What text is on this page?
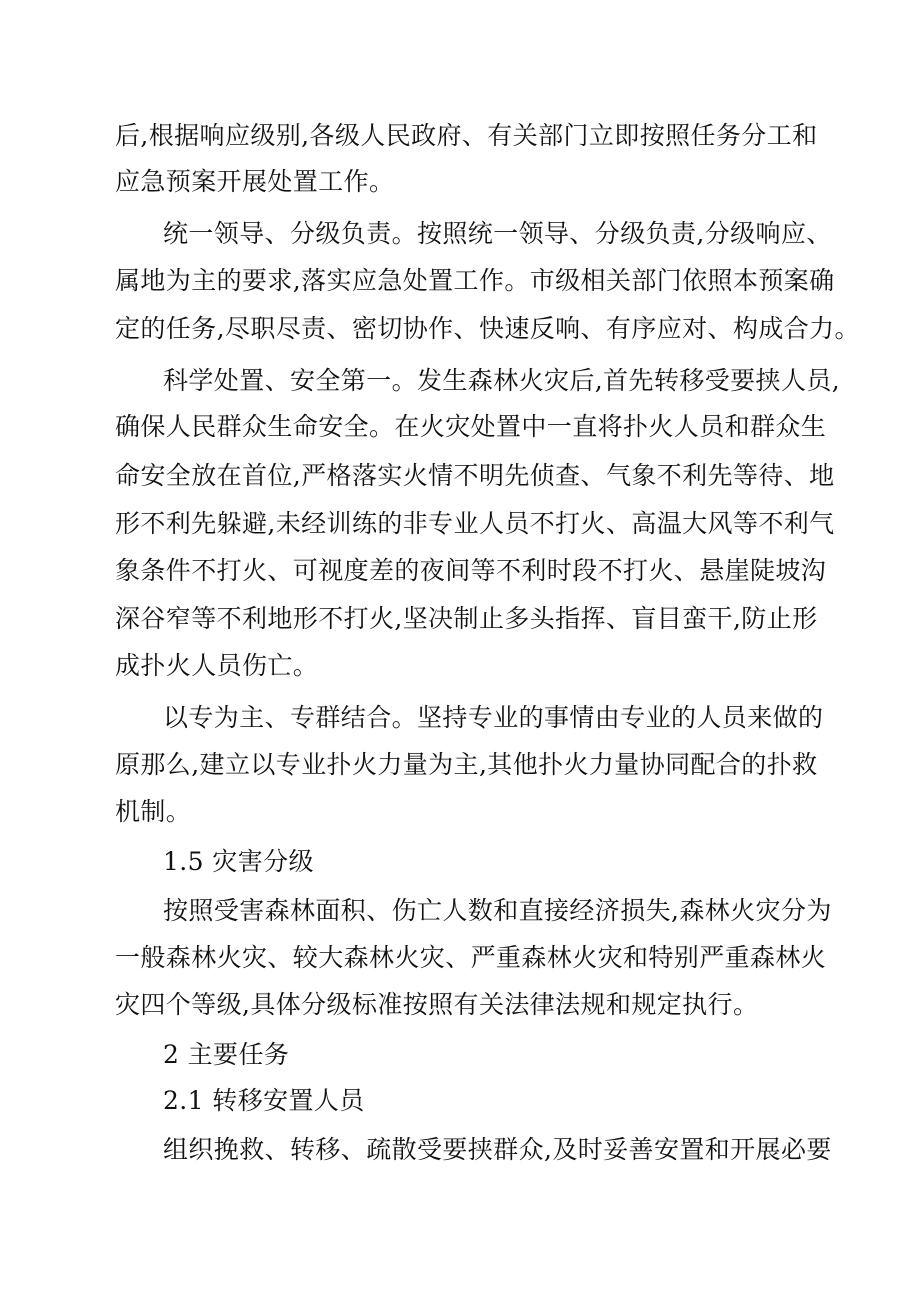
后,根据响应级别,各级人民政府、有关部门立即按照任务分工和
应急预案开展处置工作。
统一领导、分级负责。按照统一领导、分级负责,分级响应、
属地为主的要求,落实应急处置工作。市级相关部门依照本预案确
定的任务,尽职尽责、密切协作、快速反响、有序应对、构成合力。
科学处置、安全第一。发生森林火灾后,首先转移受要挟人员,
确保人民群众生命安全。在火灾处置中一直将扑火人员和群众生
命安全放在首位,严格落实火情不明先侦查、气象不利先等待、地
形不利先躲避,未经训练的非专业人员不打火、高温大风等不利气
象条件不打火、可视度差的夜间等不利时段不打火、悬崖陡坡沟
深谷窄等不利地形不打火,坚决制止多头指挥、盲目蛮干,防止形
成扑火人员伤亡。
以专为主、专群结合。坚持专业的事情由专业的人员来做的
原那么,建立以专业扑火力量为主,其他扑火力量协同配合的扑救
机制。
1.5 灾害分级
按照受害森林面积、伤亡人数和直接经济损失,森林火灾分为
一般森林火灾、较大森林火灾、严重森林火灾和特别严重森林火
灾四个等级,具体分级标准按照有关法律法规和规定执行。
2 主要任务
2.1 转移安置人员
组织挽救、转移、疏散受要挟群众,及时妥善安置和开展必要
